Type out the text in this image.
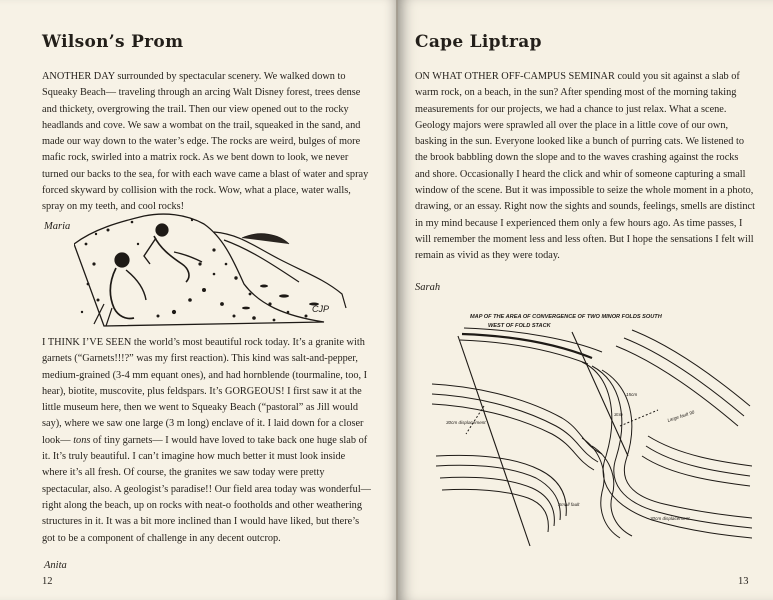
Wilson’s Prom

ANOTHER DAY surrounded by spectacular scenery. We walked down to Squeaky Beach— traveling through an arcing Walt Disney forest, trees dense and thickety, overgrowing the trail. Then our view opened out to the rocky headlands and cove. We saw a wombat on the trail, squeaked in the sand, and made our way down to the water’s edge. The rocks are weird, bulges of more mafic rock, swirled into a matrix rock. As we bent down to look, we never turned our backs to the sea, for with each wave came a blast of water and spray forced skyward by collision with the rock. Wow, what a place, water walls, spray on my teeth, and cool rocks!

Maria
CJP

I THINK I’VE SEEN the world’s most beautiful rock today. It’s a granite with garnets (“Garnets!!!?” was my first reaction). This kind was salt-and-pepper, medium-grained (3-4 mm equant ones), and had hornblende (tourmaline, too, I hear), biotite, muscovite, plus feldspars. It’s GORGEOUS! I first saw it at the little museum here, then we went to Squeaky Beach (“pastoral” as Jill would say), where we saw one large (3 m long) enclave of it. I laid down for a closer look— tons of tiny garnets— I would have loved to take back one huge slab of it. It’s truly beautiful. I can’t imagine how much better it must look inside where it’s all fresh. Of course, the granites we saw today were pretty spectacular, also. A geologist’s paradise!! Our field area today was wonderful— right along the beach, up on rocks with neat-o footholds and other weathering structures in it. It was a bit more inclined than I would have liked, but there’s got to be a component of challenge in any decent outcrop.

Anita
12
Cape Liptrap

ON WHAT OTHER OFF-CAMPUS SEMINAR could you sit against a slab of warm rock, on a beach, in the sun? After spending most of the morning taking measurements for our projects, we had a chance to just relax. What a scene. Geology majors were sprawled all over the place in a little cove of our own, basking in the sun. Everyone looked like a bunch of purring cats. We listened to the brook babbling down the slope and to the waves crashing against the rocks and shore. Occasionally I heard the click and whir of someone capturing a small window of the scene. But it was impossible to seize the whole moment in a photo, drawing, or an essay. Right now the sights and sounds, feelings, smells are distinct in my mind because I experienced them only a few hours ago. As time passes, I will remember the moment less and less often. But I hope the sensations I felt will remain as vivid as they were today.

Sarah
MAP OF THE AREA OF CONVERGENCE OF TWO MINOR FOLDS SOUTH
WEST OF FOLD STACK
30cm displacement	Large fault 90
15cm
3cm
Small fault
~ 30cm displacement
13
